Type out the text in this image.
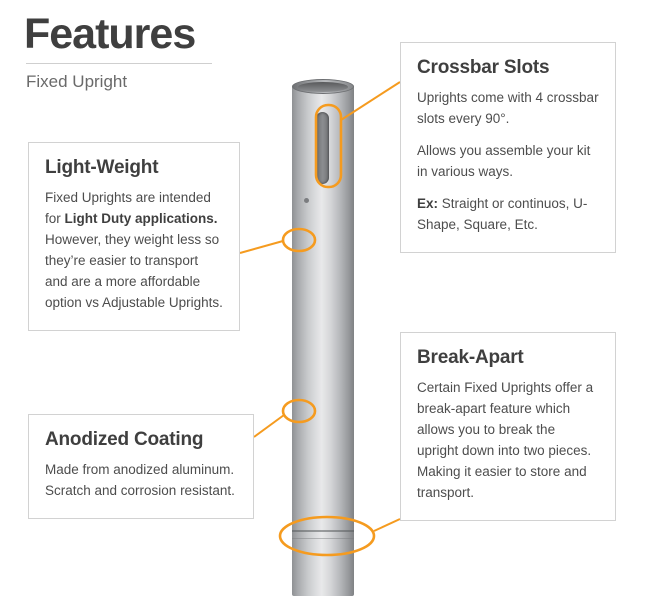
Features
Fixed Upright
Crossbar Slots

Uprights come with 4 crossbar slots every 90°.

Allows you assemble your kit in various ways.

Ex: Straight or continuos, U-Shape, Square, Etc.

Light-Weight

Fixed Uprights are intended for Light Duty applications. However, they weight less so they’re easier to transport and are a more affordable option vs Adjustable Uprights.

Break-Apart

Certain Fixed Uprights offer a break-apart feature which allows you to break the upright down into two pieces. Making it easier to store and transport.

Anodized Coating

Made from anodized aluminum. Scratch and corrosion resistant.
